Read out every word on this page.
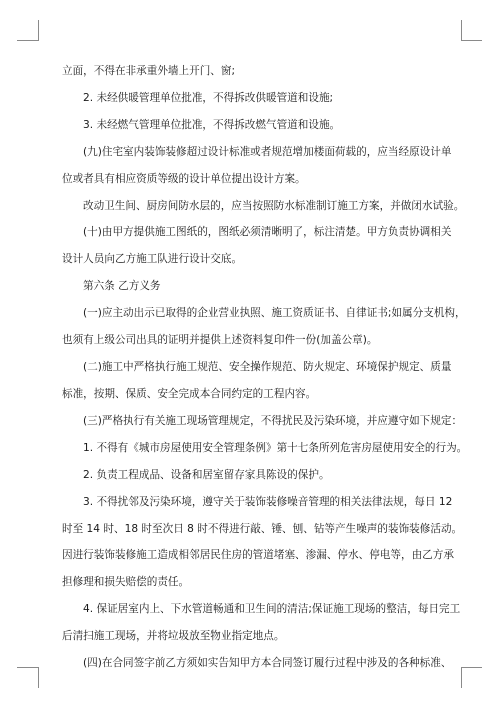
立面，不得在非承重外墙上开门、窗;
2. 未经供暖管理单位批准，不得拆改供暖管道和设施;
3. 未经燃气管理单位批准，不得拆改燃气管道和设施。
(九)住宅室内装饰装修超过设计标准或者规范增加楼面荷载的，应当经原设计单
位或者具有相应资质等级的设计单位提出设计方案。
改动卫生间、厨房间防水层的，应当按照防水标准制订施工方案，并做闭水试验。
(十)由甲方提供施工图纸的，图纸必须清晰明了，标注清楚。甲方负责协调相关
设计人员向乙方施工队进行设计交底。
第六条 乙方义务
(一)应主动出示已取得的企业营业执照、施工资质证书、自律证书;如属分支机构，
也须有上级公司出具的证明并提供上述资料复印件一份(加盖公章)。
(二)施工中严格执行施工规范、安全操作规范、防火规定、环境保护规定、质量
标准，按期、保质、安全完成本合同约定的工程内容。
(三)严格执行有关施工现场管理规定，不得扰民及污染环境，并应遵守如下规定：
1. 不得有《城市房屋使用安全管理条例》第十七条所列危害房屋使用安全的行为。
2. 负责工程成品、设备和居室留存家具陈设的保护。
3. 不得扰邻及污染环境，遵守关于装饰装修噪音管理的相关法律法规，每日 12
时至 14 时、18 时至次日 8 时不得进行敲、锤、刨、钻等产生噪声的装饰装修活动。
因进行装饰装修施工造成相邻居民住房的管道堵塞、渗漏、停水、停电等，由乙方承
担修理和损失赔偿的责任。
4. 保证居室内上、下水管道畅通和卫生间的清洁;保证施工现场的整洁，每日完工
后清扫施工现场，并将垃圾放至物业指定地点。
(四)在合同签字前乙方须如实告知甲方本合同签订履行过程中涉及的各种标准、
